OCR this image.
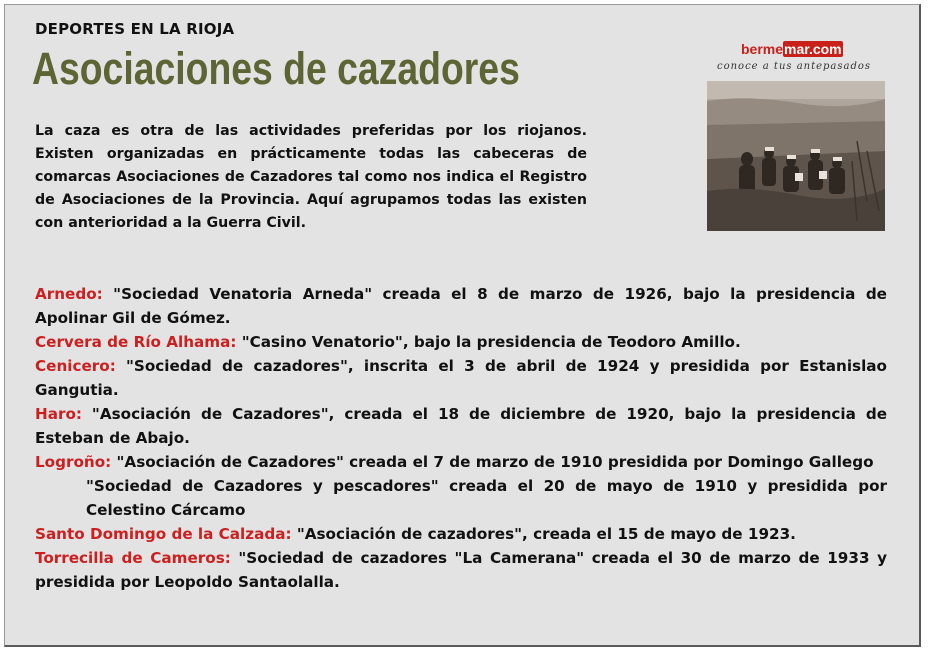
DEPORTES EN LA RIOJA
Asociaciones de cazadores
La caza es otra de las actividades preferidas por los riojanos. Existen organizadas en prácticamente todas las cabeceras de comarcas Asociaciones de Cazadores tal como nos indica el Registro de Asociaciones de la Provincia. Aquí agrupamos todas las existen con anterioridad a la Guerra Civil.
bermemar.com
conoce a tus antepasados

Arnedo: "Sociedad Venatoria Arneda" creada el 8 de marzo de 1926, bajo la presidencia de Apolinar Gil de Gómez.

Cervera de Río Alhama: "Casino Venatorio", bajo la presidencia de Teodoro Amillo.

Cenicero: "Sociedad de cazadores", inscrita el 3 de abril de 1924 y presidida por Estanislao Gangutia.

Haro: "Asociación de Cazadores", creada el 18 de diciembre de 1920, bajo la presidencia de Esteban de Abajo.

Logroño: "Asociación de Cazadores" creada el 7 de marzo de 1910 presidida por Domingo Gallego

"Sociedad de Cazadores y pescadores" creada el 20 de mayo de 1910 y presidida por Celestino Cárcamo

Santo Domingo de la Calzada: "Asociación de cazadores", creada el 15 de mayo de 1923.

Torrecilla de Cameros: "Sociedad de cazadores "La Camerana" creada el 30 de marzo de 1933 y presidida por Leopoldo Santaolalla.
